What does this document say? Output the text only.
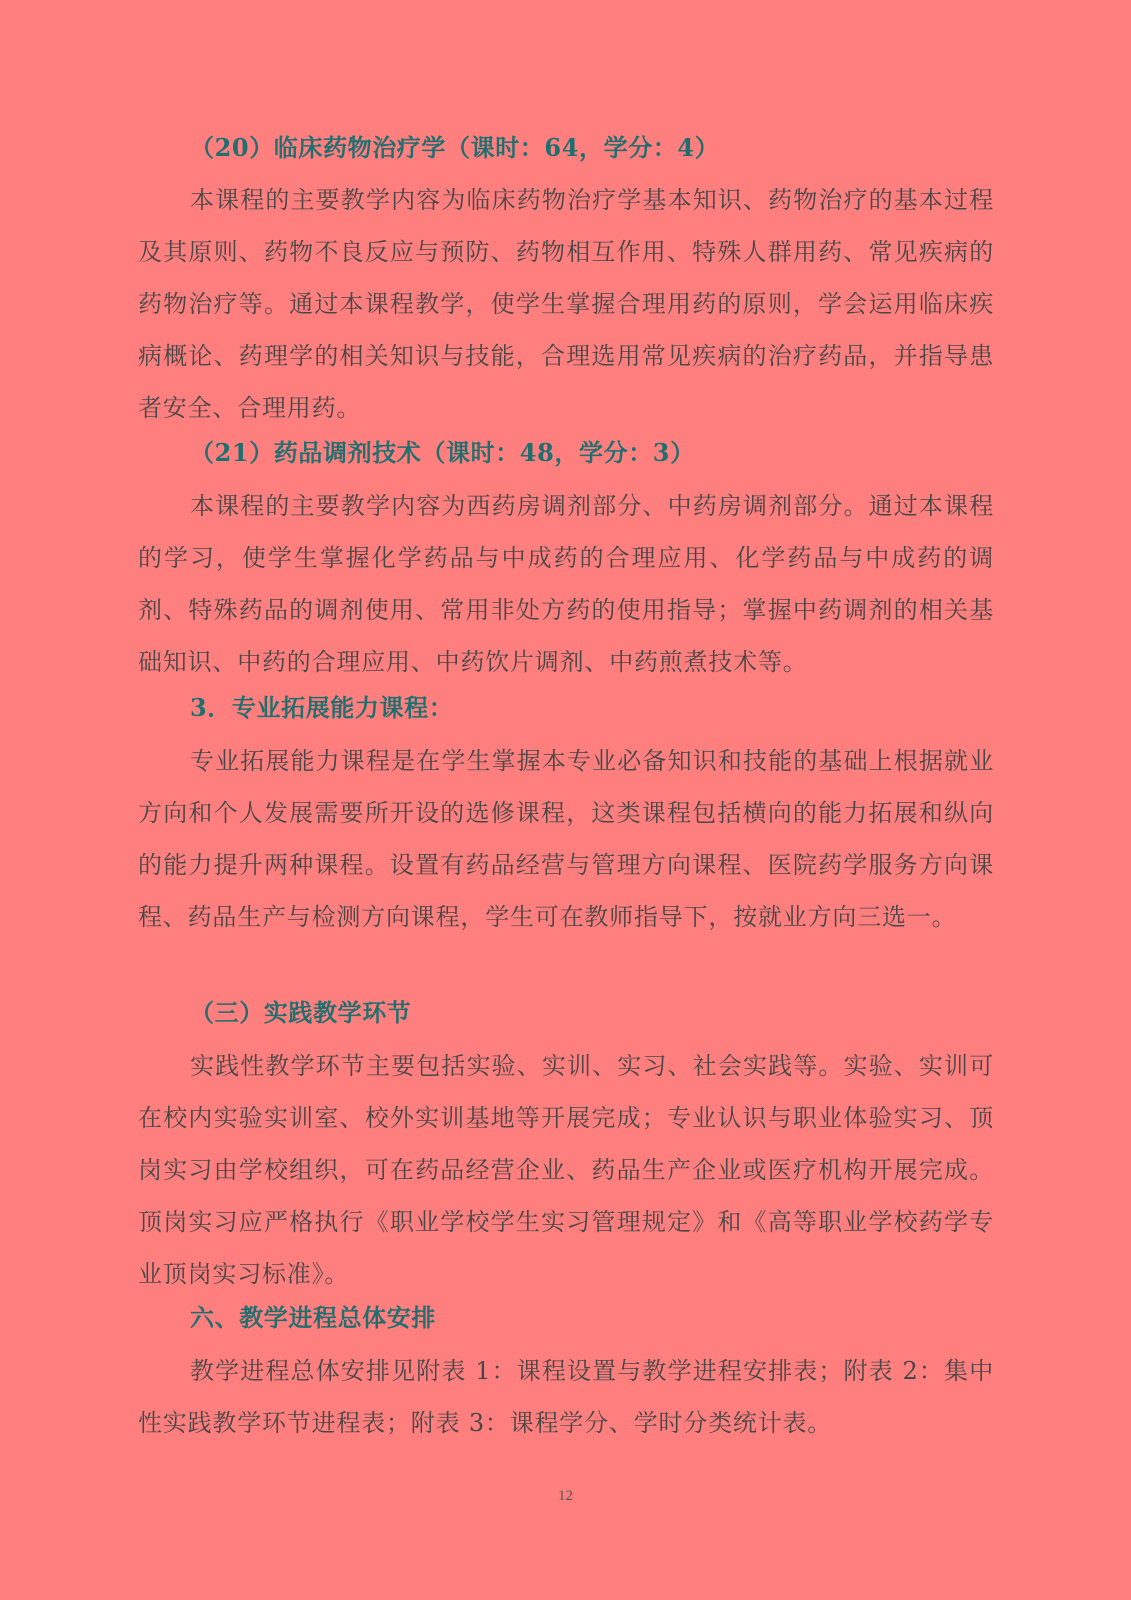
（20）临床药物治疗学（课时：64，学分：4）

本课程的主要教学内容为临床药物治疗学基本知识、药物治疗的基本过程及其原则、药物不良反应与预防、药物相互作用、特殊人群用药、常见疾病的药物治疗等。通过本课程教学，使学生掌握合理用药的原则，学会运用临床疾病概论、药理学的相关知识与技能，合理选用常见疾病的治疗药品，并指导患者安全、合理用药。

（21）药品调剂技术（课时：48，学分：3）

本课程的主要教学内容为西药房调剂部分、中药房调剂部分。通过本课程的学习，使学生掌握化学药品与中成药的合理应用、化学药品与中成药的调剂、特殊药品的调剂使用、常用非处方药的使用指导；掌握中药调剂的相关基础知识、中药的合理应用、中药饮片调剂、中药煎煮技术等。

3．专业拓展能力课程：

专业拓展能力课程是在学生掌握本专业必备知识和技能的基础上根据就业方向和个人发展需要所开设的选修课程，这类课程包括横向的能力拓展和纵向的能力提升两种课程。设置有药品经营与管理方向课程、医院药学服务方向课程、药品生产与检测方向课程，学生可在教师指导下，按就业方向三选一。

（三）实践教学环节

实践性教学环节主要包括实验、实训、实习、社会实践等。实验、实训可在校内实验实训室、校外实训基地等开展完成；专业认识与职业体验实习、顶岗实习由学校组织，可在药品经营企业、药品生产企业或医疗机构开展完成。顶岗实习应严格执行《职业学校学生实习管理规定》和《高等职业学校药学专业顶岗实习标准》。

六、教学进程总体安排

教学进程总体安排见附表 1：课程设置与教学进程安排表；附表 2：集中性实践教学环节进程表；附表 3：课程学分、学时分类统计表。

12
